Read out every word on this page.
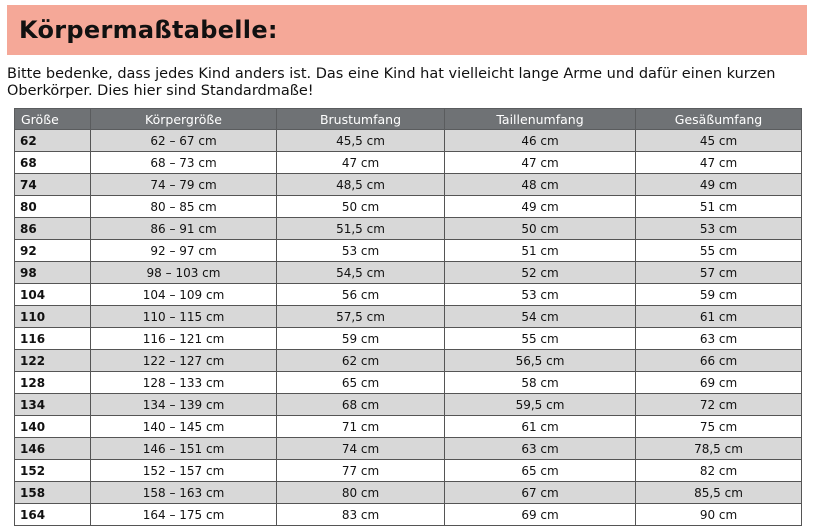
Körpermaßtabelle:

Bitte bedenke, dass jedes Kind anders ist. Das eine Kind hat vielleicht lange Arme und dafür einen kurzen Oberkörper. Dies hier sind Standardmaße!

Größe	Körpergröße	Brustumfang	Taillenumfang	Gesäßumfang
62	62 – 67 cm	45,5 cm	46 cm	45 cm
68	68 – 73 cm	47 cm	47 cm	47 cm
74	74 – 79 cm	48,5 cm	48 cm	49 cm
80	80 – 85 cm	50 cm	49 cm	51 cm
86	86 – 91 cm	51,5 cm	50 cm	53 cm
92	92 – 97 cm	53 cm	51 cm	55 cm
98	98 – 103 cm	54,5 cm	52 cm	57 cm
104	104 – 109 cm	56 cm	53 cm	59 cm
110	110 – 115 cm	57,5 cm	54 cm	61 cm
116	116 – 121 cm	59 cm	55 cm	63 cm
122	122 – 127 cm	62 cm	56,5 cm	66 cm
128	128 – 133 cm	65 cm	58 cm	69 cm
134	134 – 139 cm	68 cm	59,5 cm	72 cm
140	140 – 145 cm	71 cm	61 cm	75 cm
146	146 – 151 cm	74 cm	63 cm	78,5 cm
152	152 – 157 cm	77 cm	65 cm	82 cm
158	158 – 163 cm	80 cm	67 cm	85,5 cm
164	164 – 175 cm	83 cm	69 cm	90 cm
